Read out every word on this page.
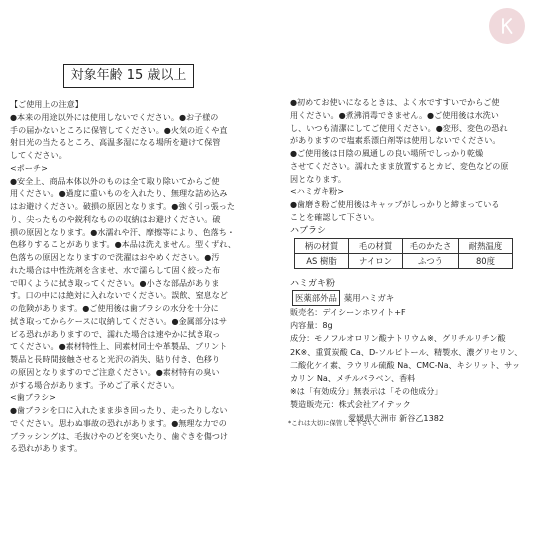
対象年齢 15 歳以上

【ご使用上の注意】

●本来の用途以外には使用しないでください。●お子様の

手の届かないところに保管してください。●火気の近くや直

射日光の当たるところ、高温多湿になる場所を避けて保管

してください。

<ポーチ>

●安全上、商品本体以外のものは全て取り除いてからご使

用ください。●過度に重いものを入れたり、無理な詰め込み

はお避けください。破損の原因となります。●強く引っ張った

り、尖ったものや鋭利なものの収納はお避けください。破

損の原因となります。●水濡れや汗、摩擦等により、色落ち・

色移りすることがあります。●本品は洗えません。型くずれ、

色落ちの原因となりますので洗濯はおやめください。●汚

れた場合は中性洗剤を含ませ、水で濡らして固く絞った布

で叩くように拭き取ってください。●小さな部品がありま

す。口の中には絶対に入れないでください。誤飲、窒息など

の危険があります。●ご使用後は歯ブラシの水分を十分に

拭き取ってからケースに収納してください。●金属部分はサ

ビる恐れがありますので、濡れた場合は速やかに拭き取っ

てください。●素材特性上、同素材同士や革製品、プリント

製品と長時間接触させると光沢の消失、貼り付き、色移り

の原因となりますのでご注意ください。●素材特有の臭い

がする場合があります。予めご了承ください。

<歯ブラシ>

●歯ブラシを口に入れたまま歩き回ったり、走ったりしない

でください。思わぬ事故の恐れがあります。●無理な力での

ブラッシングは、毛抜けやのどを突いたり、歯ぐきを傷つけ

る恐れがあります。

●初めてお使いになるときは、よく水ですすいでからご使

用ください。●煮沸消毒できません。●ご使用後は水洗い

し、いつも清潔にしてご使用ください。●変形、変色の恐れ

がありますので塩素系漂白剤等は使用しないでください。

●ご使用後は日陰の風通しの良い場所でしっかり乾燥

させてください。濡れたまま放置するとカビ、変色などの原

因となります。

<ハミガキ粉>

●歯磨き粉ご使用後はキャップがしっかりと締まっている

ことを確認して下さい。

ハブラシ
柄の材質	毛の材質	毛のかたさ	耐熱温度
AS 樹脂	ナイロン	ふつう	80度
ハミガキ粉
医薬部外品 薬用ハミガキ

販売名：デイシーンホワイト+F

内容量：8g

成分：モノフルオロリン酸ナトリウム※、グリチルリチン酸

2K※、重質炭酸 Ca、D-ソルビトール、精製水、濃グリセリン、

二酸化ケイ素、ラウリル硫酸 Na、CMC-Na、キシリット、サッ

カリン Na、メチルパラベン、香料

※は「有効成分」無表示は「その他成分」

製造販売元：株式会社アイテック

愛媛県大洲市 新谷乙1382

*これは大切に保管して下さい。
